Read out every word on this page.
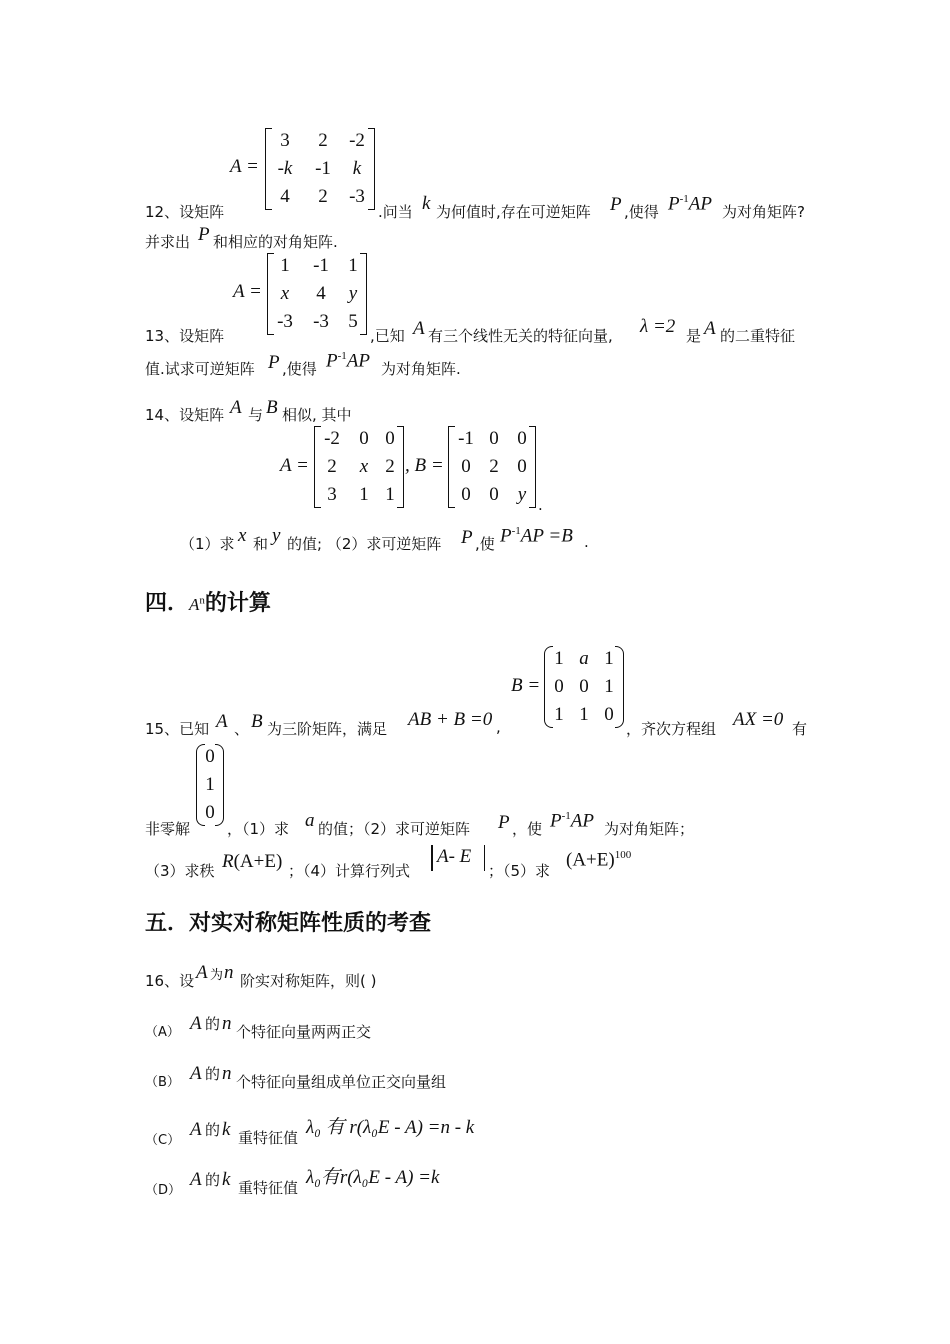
A =
3	2	-2
-k	-1	k
4	2	-3
12、设矩阵	.问当 k 为何值时,存在可逆矩阵 P ,使得 $P^{-1}AP$ 为对角矩阵?
并求出 P 和相应的对角矩阵.
A =
1	-1	1
x	4	y
-3	-3	5
13、设矩阵	,已知 A 有三个线性无关的特征向量, λ =2 是 A 的二重特征
值.试求可逆矩阵 P ,使得 $P^{-1}AP$ 为对角矩阵.
14、设矩阵 A 与 B 相似, 其中
A =
-2	0 0
2	x 2
3	1 1
, B =
-1 0 0
0 2 0
0 0	y .
（1）求 x 和 y 的值; （2）求可逆矩阵 P ,使 $P^{-1}AP =B$ .
四．$A^n$的计算
B =
1 a 1
0 0 1
1 1 0
15、已知 A 、 B 为三阶矩阵，满足 AB + B =0 ,	，齐次方程组 AX =0 有
0
1
0
非零解 ，（1）求 a 的值；（2）求可逆矩阵 P ，使 $P^{-1}AP$ 为对角矩阵；
（3）求秩 R(A+E) ；（4）计算行列式
A- E
；（5）求
$(A+E)^{100}$
五．对实对称矩阵性质的考查
16、设 A 为 n 阶实对称矩阵，则( )
（A） A 的 n 个特征向量两两正交
（B） A 的 n 个特征向量组成单位正交向量组
（C）
A 的 k 重特征值 λ₀ 有 r(λ₀E - A) =n - k
（D）
A 的 k 重特征值 λ₀有r(λ₀E - A) =k
